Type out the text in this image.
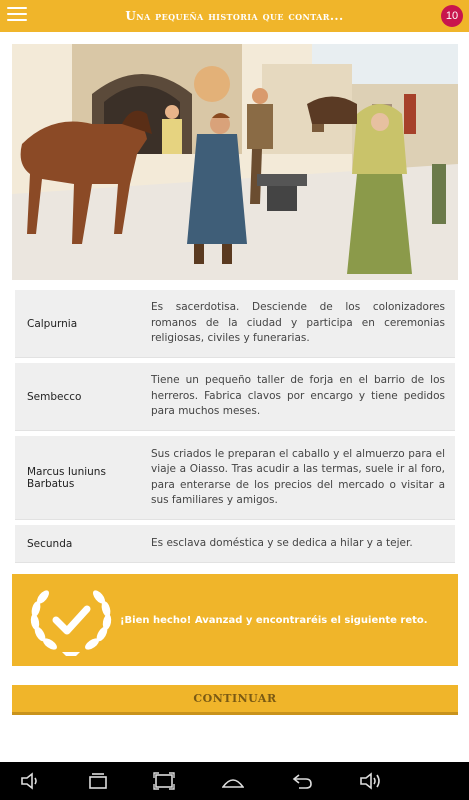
Una pequeña historia que contar...	10
Calpurnia
Es sacerdotisa. Desciende de los colonizadores romanos de la ciudad y participa en ceremonias religiosas, civiles y funerarias.
Sembecco
Tiene un pequeño taller de forja en el barrio de los herreros. Fabrica clavos por encargo y tiene pedidos para muchos meses.
Marcus Iuniuns Barbatus
Sus criados le preparan el caballo y el almuerzo para el viaje a Oiasso. Tras acudir a las termas, suele ir al foro, para enterarse de los precios del mercado o visitar a sus familiares y amigos.
Secunda	Es esclava doméstica y se dedica a hilar y a tejer.
¡Bien hecho! Avanzad y encontraréis el siguiente reto.
CONTINUAR
